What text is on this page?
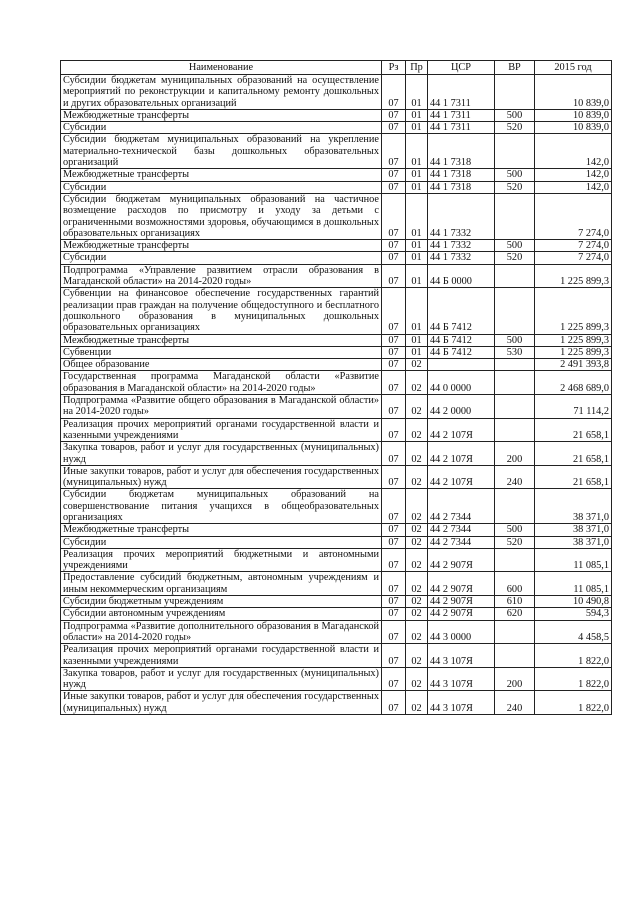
Наименование	Рз	Пр	ЦСР	ВР	2015 год
Субсидии бюджетам муниципальных образований на осуществление мероприятий по реконструкции и капитальному ремонту дошкольных и других образовательных организаций	07	01	44 1 7311		10 839,0
Межбюджетные трансферты	07	01	44 1 7311	500	10 839,0
Субсидии	07	01	44 1 7311	520	10 839,0
Субсидии бюджетам муниципальных образований на укрепление материально-технической базы дошкольных образовательных организаций	07	01	44 1 7318		142,0
Межбюджетные трансферты	07	01	44 1 7318	500	142,0
Субсидии	07	01	44 1 7318	520	142,0
Субсидии бюджетам муниципальных образований на частичное возмещение расходов по присмотру и уходу за детьми с ограниченными возможностями здоровья, обучающимся в дошкольных образовательных организациях	07	01	44 1 7332		7 274,0
Межбюджетные трансферты	07	01	44 1 7332	500	7 274,0
Субсидии	07	01	44 1 7332	520	7 274,0
Подпрограмма «Управление развитием отрасли образования в Магаданской области» на 2014-2020 годы»	07	01	44 Б 0000		1 225 899,3
Субвенции на финансовое обеспечение государственных гарантий реализации прав граждан на получение общедоступного и бесплатного дошкольного образования в муниципальных дошкольных образовательных организациях	07	01	44 Б 7412		1 225 899,3
Межбюджетные трансферты	07	01	44 Б 7412	500	1 225 899,3
Субвенции	07	01	44 Б 7412	530	1 225 899,3
Общее образование	07	02			2 491 393,8
Государственная программа Магаданской области «Развитие образования в Магаданской области» на 2014-2020 годы»	07	02	44 0 0000		2 468 689,0
Подпрограмма «Развитие общего образования в Магаданской области» на 2014-2020 годы»	07	02	44 2 0000		71 114,2
Реализация прочих мероприятий органами государственной власти и казенными учреждениями	07	02	44 2 107Я		21 658,1
Закупка товаров, работ и услуг для государственных (муниципальных) нужд	07	02	44 2 107Я	200	21 658,1
Иные закупки товаров, работ и услуг для обеспечения государственных (муниципальных) нужд	07	02	44 2 107Я	240	21 658,1
Субсидии бюджетам муниципальных образований на совершенствование питания учащихся в общеобразовательных организациях	07	02	44 2 7344		38 371,0
Межбюджетные трансферты	07	02	44 2 7344	500	38 371,0
Субсидии	07	02	44 2 7344	520	38 371,0
Реализация прочих мероприятий бюджетными и автономными учреждениями	07	02	44 2 907Я		11 085,1
Предоставление субсидий бюджетным, автономным учреждениям и иным некоммерческим организациям	07	02	44 2 907Я	600	11 085,1
Субсидии бюджетным учреждениям	07	02	44 2 907Я	610	10 490,8
Субсидии автономным учреждениям	07	02	44 2 907Я	620	594,3
Подпрограмма «Развитие дополнительного образования в Магаданской области» на 2014-2020 годы»	07	02	44 3 0000		4 458,5
Реализация прочих мероприятий органами государственной власти и казенными учреждениями	07	02	44 3 107Я		1 822,0
Закупка товаров, работ и услуг для государственных (муниципальных) нужд	07	02	44 3 107Я	200	1 822,0
Иные закупки товаров, работ и услуг для обеспечения государственных (муниципальных) нужд	07	02	44 3 107Я	240	1 822,0
